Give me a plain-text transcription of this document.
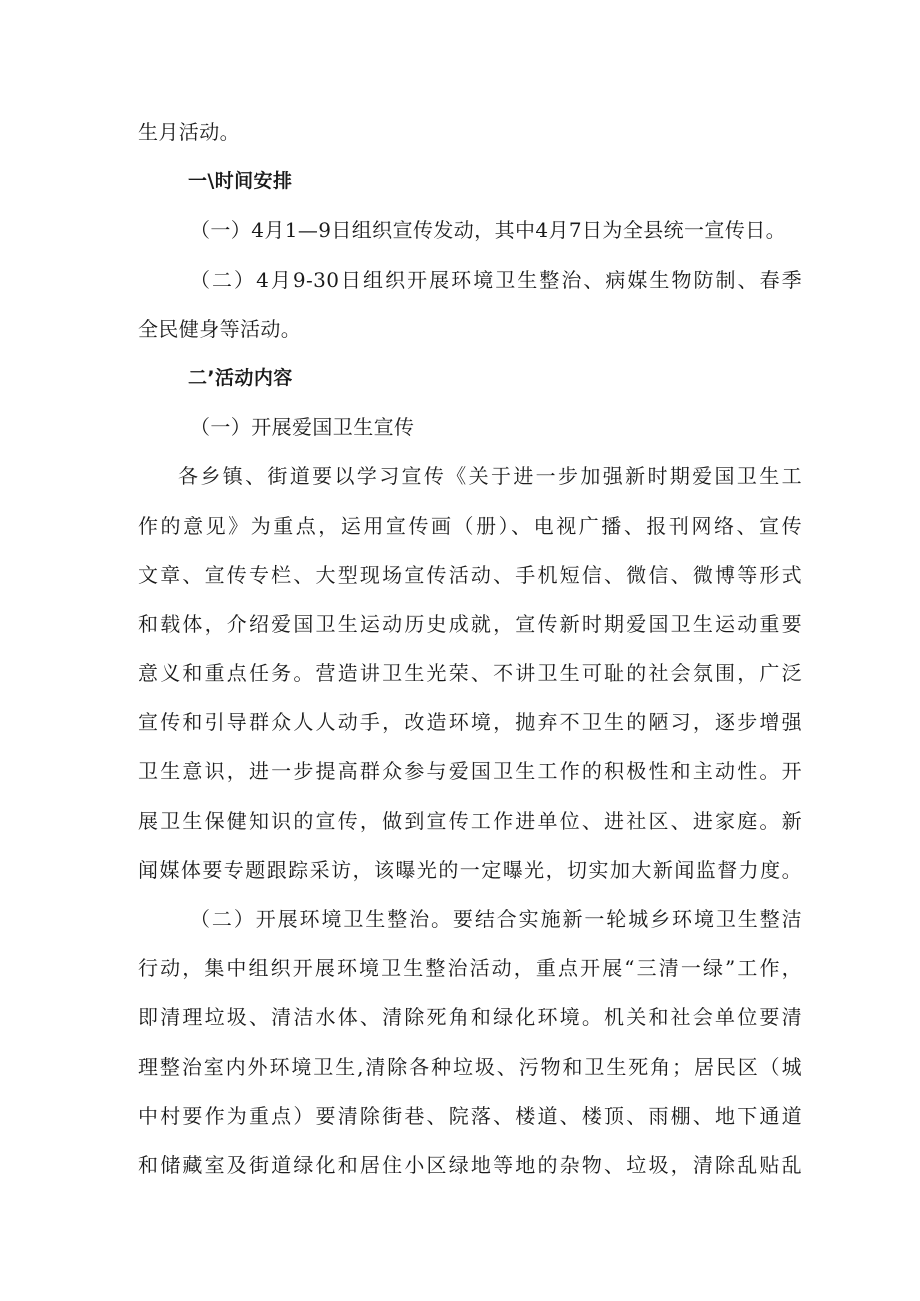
生月活动。
一\时间安排
（一）4月1—9日组织宣传发动，其中4月7日为全县统一宣传日。
（二）4月9-30日组织开展环境卫生整治、病媒生物防制、春季
全民健身等活动。
二’活动内容
（一）开展爱国卫生宣传
各乡镇、街道要以学习宣传《关于进一步加强新时期爱国卫生工
作的意见》为重点，运用宣传画（册）、电视广播、报刊网络、宣传
文章、宣传专栏、大型现场宣传活动、手机短信、微信、微博等形式
和载体，介绍爱国卫生运动历史成就，宣传新时期爱国卫生运动重要
意义和重点任务。营造讲卫生光荣、不讲卫生可耻的社会氛围，广泛
宣传和引导群众人人动手，改造环境，抛弃不卫生的陋习，逐步增强
卫生意识，进一步提高群众参与爱国卫生工作的积极性和主动性。开
展卫生保健知识的宣传，做到宣传工作进单位、进社区、进家庭。新
闻媒体要专题跟踪采访，该曝光的一定曝光，切实加大新闻监督力度。
（二）开展环境卫生整治。要结合实施新一轮城乡环境卫生整洁
行动，集中组织开展环境卫生整治活动，重点开展“三清一绿”工作，
即清理垃圾、清洁水体、清除死角和绿化环境。机关和社会单位要清
理整治室内外环境卫生,清除各种垃圾、污物和卫生死角；居民区（城
中村要作为重点）要清除街巷、院落、楼道、楼顶、雨棚、地下通道
和储藏室及街道绿化和居住小区绿地等地的杂物、垃圾，清除乱贴乱
